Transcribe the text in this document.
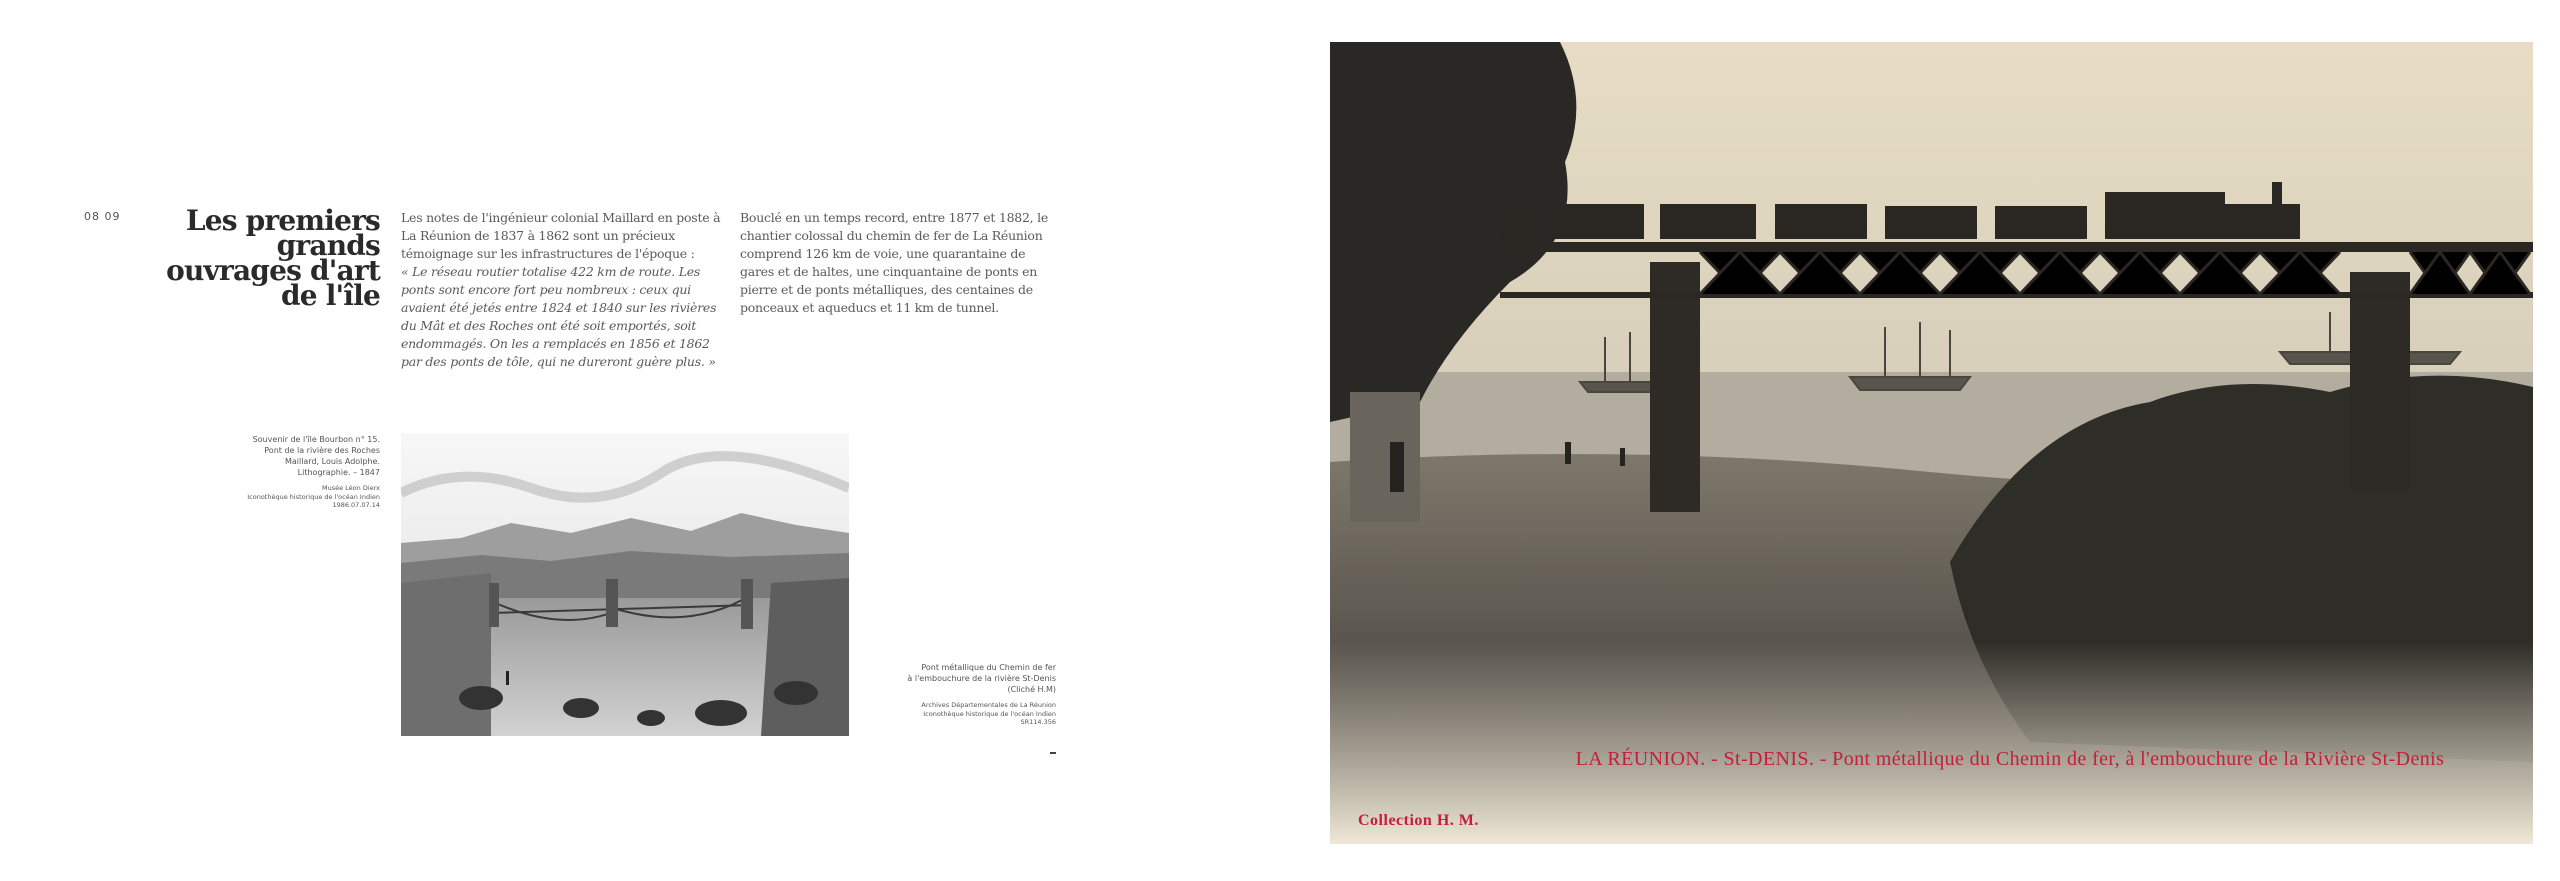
08 09	Les premiers
grands
ouvrages d'art
de l'île

Les notes de l'ingénieur colonial Maillard en poste à La Réunion de 1837 à 1862 sont un précieux témoignage sur les infrastructures de l'époque :

« Le réseau routier totalise 422 km de route. Les ponts sont encore fort peu nombreux : ceux qui avaient été jetés entre 1824 et 1840 sur les rivières du Mât et des Roches ont été soit emportés, soit endommagés. On les a remplacés en 1856 et 1862 par des ponts de tôle, qui ne dureront guère plus. »

Bouclé en un temps record, entre 1877 et 1882, le chantier colossal du chemin de fer de La Réunion comprend 126 km de voie, une quarantaine de gares et de haltes, une cinquantaine de ponts en pierre et de ponts métalliques, des centaines de ponceaux et aqueducs et 11 km de tunnel.

Souvenir de l'île Bourbon n° 15.
Pont de la rivière des Roches
Maillard, Louis Adolphe.
Lithographie. – 1847
Musée Léon Dierx
Iconothèque historique de l'océan Indien
1986.07.07.14
Pont métallique du Chemin de fer
à l'embouchure de la rivière St-Denis
(Cliché H.M)
Archives Départementales de La Réunion
Iconothèque historique de l'océan Indien
SR114.356
LA RÉUNION. - St-DENIS. - Pont métallique du Chemin de fer, à l'embouchure de la Rivière St-Denis
Collection H. M.
